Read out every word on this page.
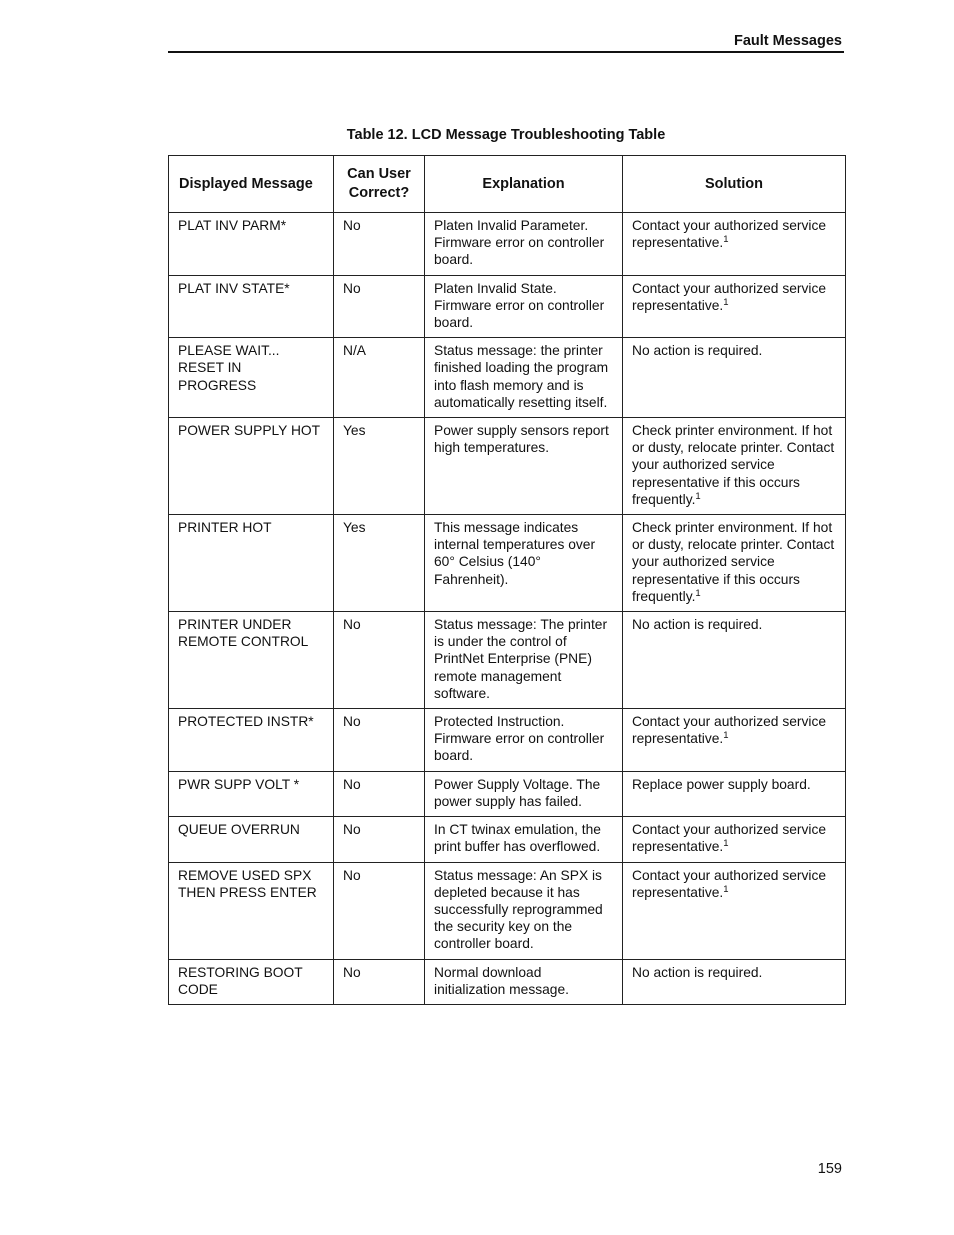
Fault Messages
Table 12. LCD Message Troubleshooting Table
Displayed Message	Can User Correct?	Explanation	Solution

PLAT INV PARM*	No	Platen Invalid Parameter. Firmware error on controller board.	Contact your authorized service representative.$^1$

PLAT INV STATE*	No	Platen Invalid State. Firmware error on controller board.	Contact your authorized service representative.$^1$

PLEASE WAIT...
RESET IN
PROGRESS	N/A	Status message: the printer finished loading the program into flash memory and is automatically resetting itself.	No action is required.

POWER SUPPLY HOT	Yes	Power supply sensors report high temperatures.	Check printer environment. If hot or dusty, relocate printer. Contact your authorized service representative if this occurs frequently.$^1$

PRINTER HOT	Yes	This message indicates internal temperatures over 60° Celsius (140° Fahrenheit).	Check printer environment. If hot or dusty, relocate printer. Contact your authorized service representative if this occurs frequently.$^1$

PRINTER UNDER
REMOTE CONTROL	No	Status message: The printer is under the control of PrintNet Enterprise (PNE) remote management software.	No action is required.

PROTECTED INSTR*	No	Protected Instruction. Firmware error on controller board.	Contact your authorized service representative.$^1$

PWR SUPP VOLT *	No	Power Supply Voltage. The power supply has failed.	Replace power supply board.

QUEUE OVERRUN	No	In CT twinax emulation, the print buffer has overflowed.	Contact your authorized service representative.$^1$

REMOVE USED SPX
THEN PRESS ENTER	No	Status message: An SPX is depleted because it has successfully reprogrammed the security key on the controller board.	Contact your authorized service representative.$^1$

RESTORING BOOT
CODE	No	Normal download initialization message.	No action is required.
159
